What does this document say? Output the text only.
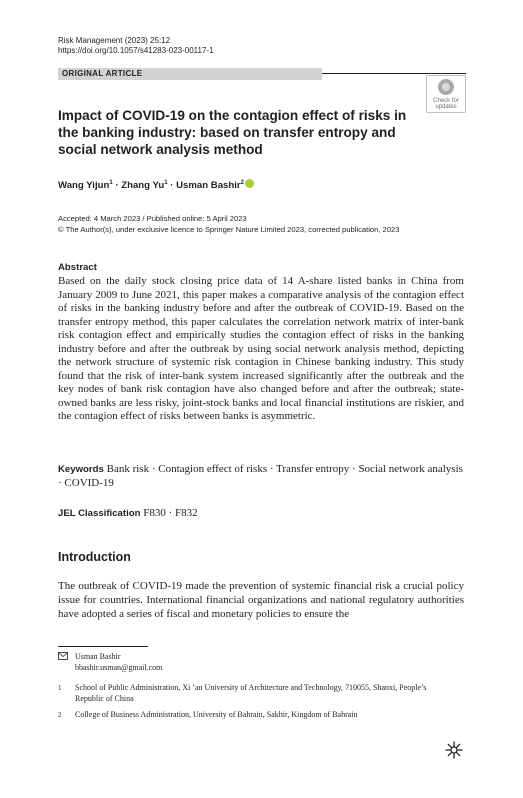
Risk Management (2023) 25:12
https://doi.org/10.1057/s41283-023-00117-1
ORIGINAL ARTICLE
Check for
updates
Impact of COVID-19 on the contagion effect of risks in the banking industry: based on transfer entropy and social network analysis method
Wang Yijun$^1$ · Zhang $Yu^1$ · Usman Bashir$^2$
Accepted: 4 March 2023 / Published online: 5 April 2023
© The Author(s), under exclusive licence to Springer Nature Limited 2023, corrected publication, 2023
Abstract
Based on the daily stock closing price data of 14 A-share listed banks in China from January 2009 to June 2021, this paper makes a comparative analysis of the contagion effect of risks in the banking industry before and after the outbreak of COVID-19. Based on the transfer entropy method, this paper calculates the correlation network matrix of inter-bank risk contagion effect and empirically studies the contagion effect of risks in the banking industry before and after the outbreak by using social network analysis method, depicting the network structure of systemic risk contagion in Chinese banking industry. This study found that the risk of inter-bank system increased significantly after the outbreak and the key nodes of bank risk contagion have also changed before and after the outbreak; state-owned banks are less risky, joint-stock banks and local financial institutions are riskier, and the contagion effect of risks between banks is asymmetric.
Keywords Bank risk · Contagion effect of risks · Transfer entropy · Social network analysis · COVID-19
JEL Classification F830 · F832
Introduction
The outbreak of COVID-19 made the prevention of systemic financial risk a crucial policy issue for countries. International financial organizations and national regulatory authorities have adopted a series of fiscal and monetary policies to ensure the
Usman Bashir
bbashir.usman@gmail.com
1 School of Public Administration, Xi ’an University of Architecture and Technology, 710055, Shanxi, People’s Republic of China
2 College of Business Administration, University of Bahrain, Sakhir, Kingdom of Bahrain
